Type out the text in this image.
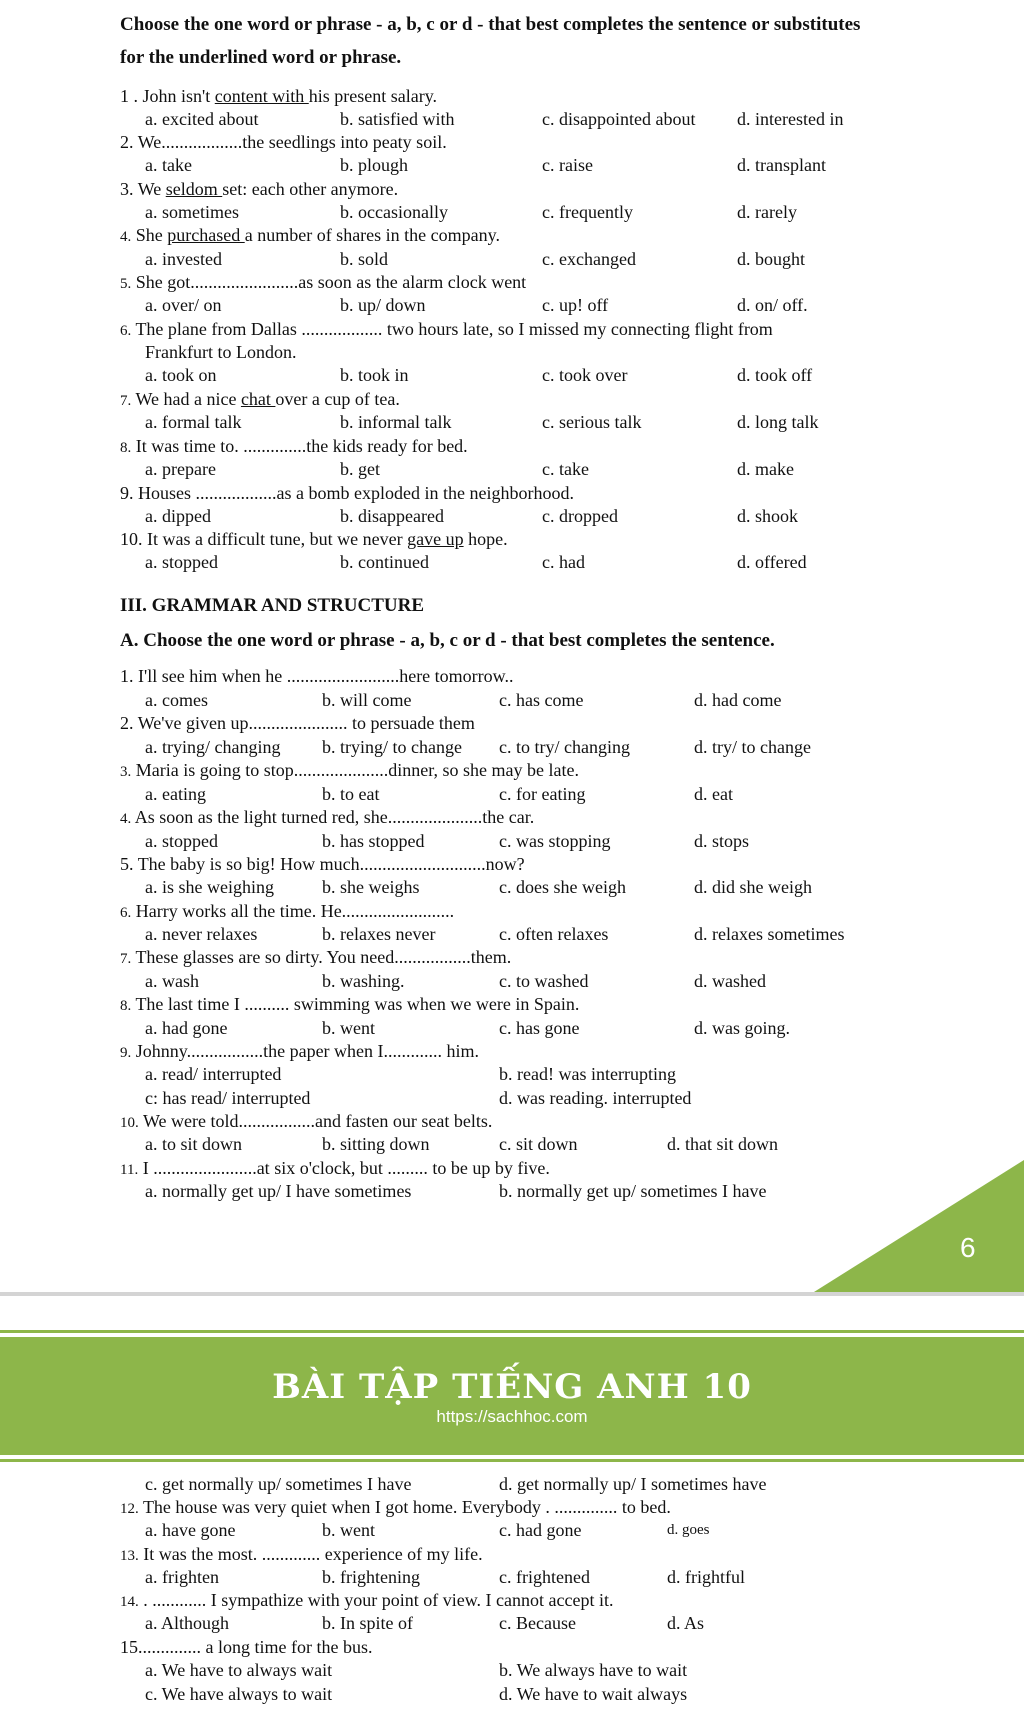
Choose the one word or phrase - a, b, c or d - that best completes the sentence or substitutes
for the underlined word or phrase.
1 . John isn't content with his present salary.
a. excited about	b. satisfied with	c. disappointed about d. interested in
2. We..................the seedlings into peaty soil.
a. take	b. plough	c. raise	d. transplant
3. We seldom set: each other anymore.
a. sometimes	b. occasionally	c. frequently	d. rarely
4. She purchased a number of shares in the company.
a. invested	b. sold	c. exchanged	d. bought
5. She got........................as soon as the alarm clock went
a. over/ on	b. up/ down	c. up! off	d. on/ off.
6. The plane from Dallas .................. two hours late, so I missed my connecting flight from
Frankfurt to London.
a. took on	b. took in	c. took over	d. took off
7. We had a nice chat over a cup of tea.
a. formal talk	b. informal talk	c. serious talk	d. long talk
8. It was time to. ..............the kids ready for bed.
a. prepare	b. get	c. take	d. make
9. Houses ..................as a bomb exploded in the neighborhood.
a. dipped	b. disappeared	c. dropped	d. shook
10. It was a difficult tune, but we never gave up hope.
a. stopped	b. continued	c. had	d. offered
III. GRAMMAR AND STRUCTURE
A. Choose the one word or phrase - a, b, c or d - that best completes the sentence.
1. I'll see him when he .........................here tomorrow..
a. comes	b. will come	c. has come	d. had come
2. We've given up...................... to persuade them
a. trying/ changing b. trying/ to change c. to try/ changing	d. try/ to change
3. Maria is going to stop.....................dinner, so she may be late.
a. eating	b. to eat	c. for eating	d. eat
4. As soon as the light turned red, she.....................the car.
a. stopped	b. has stopped	c. was stopping	d. stops
5. The baby is so big! How much............................now?
a. is she weighing	b. she weighs	c. does she weigh	d. did she weigh
6. Harry works all the time. He.........................
a. never relaxes	b. relaxes never	c. often relaxes	d. relaxes sometimes
7. These glasses are so dirty. You need.................them.
a. wash	b. washing.	c. to washed	d. washed
8. The last time I .......... swimming was when we were in Spain.
a. had gone	b. went	c. has gone	d. was going.
9. Johnny.................the paper when I............. him.
a. read/ interrupted	b. read! was interrupting
c: has read/ interrupted	d. was reading. interrupted
10. We were told.................and fasten our seat belts.
a. to sit down	b. sitting down	c. sit down	d. that sit down
11. I .......................at six o'clock, but ......... to be up by five.
a. normally get up/ I have sometimes	b. normally get up/ sometimes I have
6
BÀI TẬP TIẾNG ANH 10
https://sachhoc.com
c. get normally up/ sometimes I have	d. get normally up/ I sometimes have
12. The house was very quiet when I got home. Everybody . .............. to bed.
a. have gone	b. went	c. had gone	d. goes
13. It was the most. ............. experience of my life.
a. frighten	b. frightening	c. frightened	d. frightful
14. . ............ I sympathize with your point of view. I cannot accept it.
a. Although	b. In spite of	c. Because	d. As
15.............. a long time for the bus.
a. We have to always wait	b. We always have to wait
c. We have always to wait	d. We have to wait always
